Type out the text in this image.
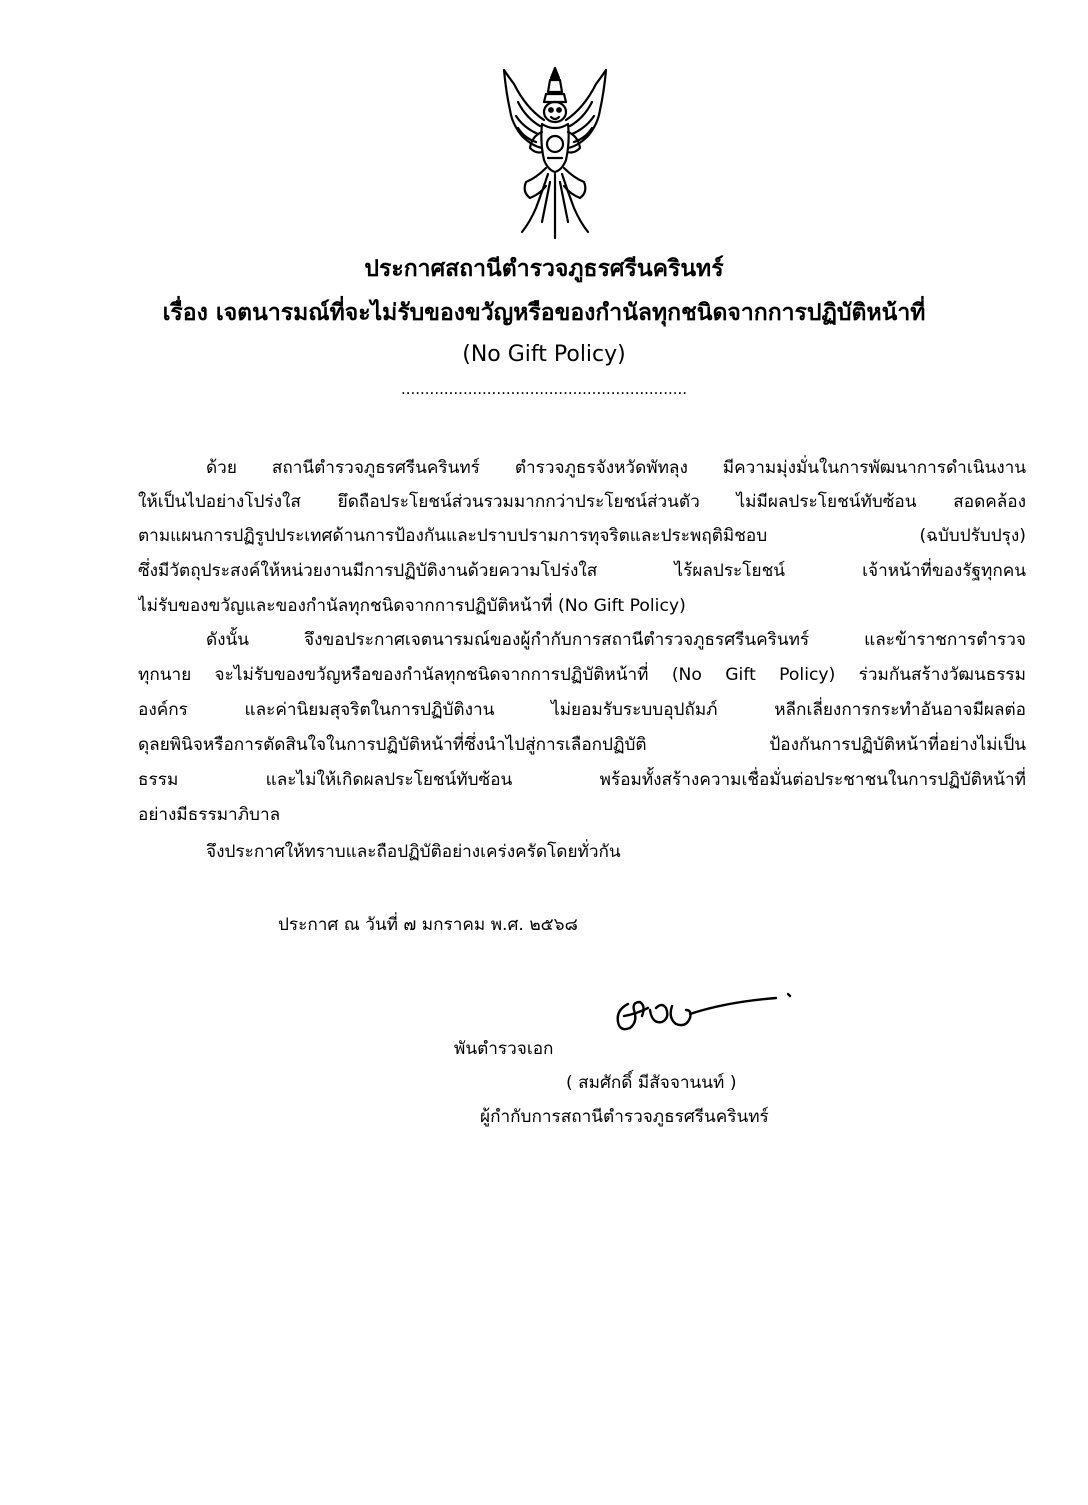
ประกาศสถานีตำรวจภูธรศรีนครินทร์
เรื่อง เจตนารมณ์ที่จะไม่รับของขวัญหรือของกำนัลทุกชนิดจากการปฏิบัติหน้าที่
(No Gift Policy)
............................................................
ด้วย สถานีตำรวจภูธรศรีนครินทร์ ตำรวจภูธรจังหวัดพัทลุง มีความมุ่งมั่นในการพัฒนาการดำเนินงาน
ให้เป็นไปอย่างโปร่งใส ยึดถือประโยชน์ส่วนรวมมากกว่าประโยชน์ส่วนตัว ไม่มีผลประโยชน์ทับซ้อน สอดคล้อง
ตามแผนการปฏิรูปประเทศด้านการป้องกันและปราบปรามการทุจริตและประพฤติมิชอบ (ฉบับปรับปรุง)
ซึ่งมีวัตถุประสงค์ให้หน่วยงานมีการปฏิบัติงานด้วยความโปร่งใส ไร้ผลประโยชน์ เจ้าหน้าที่ของรัฐทุกคน
ไม่รับของขวัญและของกำนัลทุกชนิดจากการปฏิบัติหน้าที่ (No Gift Policy)
ดังนั้น จึงขอประกาศเจตนารมณ์ของผู้กำกับการสถานีตำรวจภูธรศรีนครินทร์ และข้าราชการตำรวจ
ทุกนาย จะไม่รับของขวัญหรือของกำนัลทุกชนิดจากการปฏิบัติหน้าที่ (No Gift Policy) ร่วมกันสร้างวัฒนธรรม
องค์กร และค่านิยมสุจริตในการปฏิบัติงาน ไม่ยอมรับระบบอุปถัมภ์ หลีกเลี่ยงการกระทำอันอาจมีผลต่อ
ดุลยพินิจหรือการตัดสินใจในการปฏิบัติหน้าที่ซึ่งนำไปสู่การเลือกปฏิบัติ ป้องกันการปฏิบัติหน้าที่อย่างไม่เป็น
ธรรม และไม่ให้เกิดผลประโยชน์ทับซ้อน พร้อมทั้งสร้างความเชื่อมั่นต่อประชาชนในการปฏิบัติหน้าที่
อย่างมีธรรมาภิบาล
จึงประกาศให้ทราบและถือปฏิบัติอย่างเคร่งครัดโดยทั่วกัน
ประกาศ ณ วันที่ ๗ มกราคม พ.ศ. ๒๕๖๘
พันตำรวจเอก
( สมศักดิ์ มีสัจจานนท์ )
ผู้กำกับการสถานีตำรวจภูธรศรีนครินทร์
